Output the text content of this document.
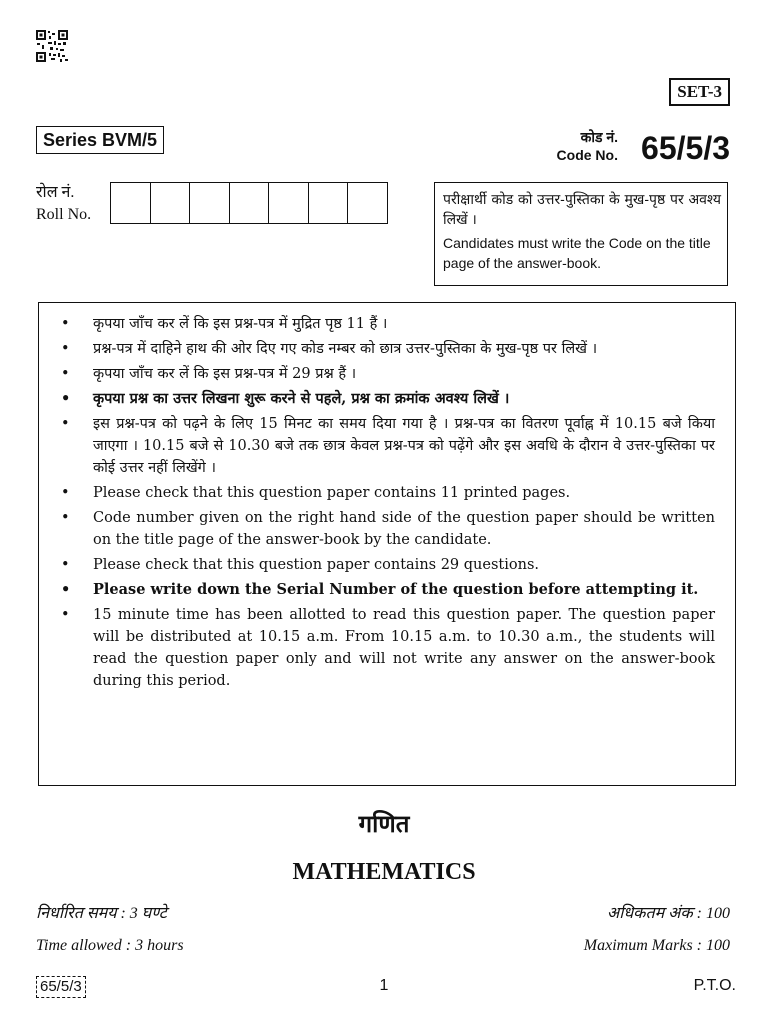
SET-3
Series BVM/5	कोड नं.
Code No. 65/5/3
रोल नं.
Roll No.

परीक्षार्थी कोड को उत्तर-पुस्तिका के मुख-पृष्ठ पर अवश्य लिखें ।

Candidates must write the Code on the title page of the answer-book.

• कृपया जाँच कर लें कि इस प्रश्न-पत्र में मुद्रित पृष्ठ 11 हैं ।
• प्रश्न-पत्र में दाहिने हाथ की ओर दिए गए कोड नम्बर को छात्र उत्तर-पुस्तिका के मुख-पृष्ठ पर लिखें ।
• कृपया जाँच कर लें कि इस प्रश्न-पत्र में 29 प्रश्न हैं ।
• कृपया प्रश्न का उत्तर लिखना शुरू करने से पहले, प्रश्न का क्रमांक अवश्य लिखें ।
• इस प्रश्न-पत्र को पढ़ने के लिए 15 मिनट का समय दिया गया है । प्रश्न-पत्र का वितरण पूर्वाह्न में 10.15 बजे किया जाएगा । 10.15 बजे से 10.30 बजे तक छात्र केवल प्रश्न-पत्र को पढ़ेंगे और इस अवधि के दौरान वे उत्तर-पुस्तिका पर कोई उत्तर नहीं लिखेंगे ।
• Please check that this question paper contains 11 printed pages.
• Code number given on the right hand side of the question paper should be written on the title page of the answer-book by the candidate.
• Please check that this question paper contains 29 questions.
• Please write down the Serial Number of the question before attempting it.
• 15 minute time has been allotted to read this question paper. The question paper will be distributed at 10.15 a.m. From 10.15 a.m. to 10.30 a.m., the students will read the question paper only and will not write any answer on the answer-book during this period.
गणित
MATHEMATICS
निर्धारित समय : 3 घण्टे
Time allowed : 3 hours
अधिकतम अंक : 100
Maximum Marks : 100
65/5/3	1	P.T.O.
